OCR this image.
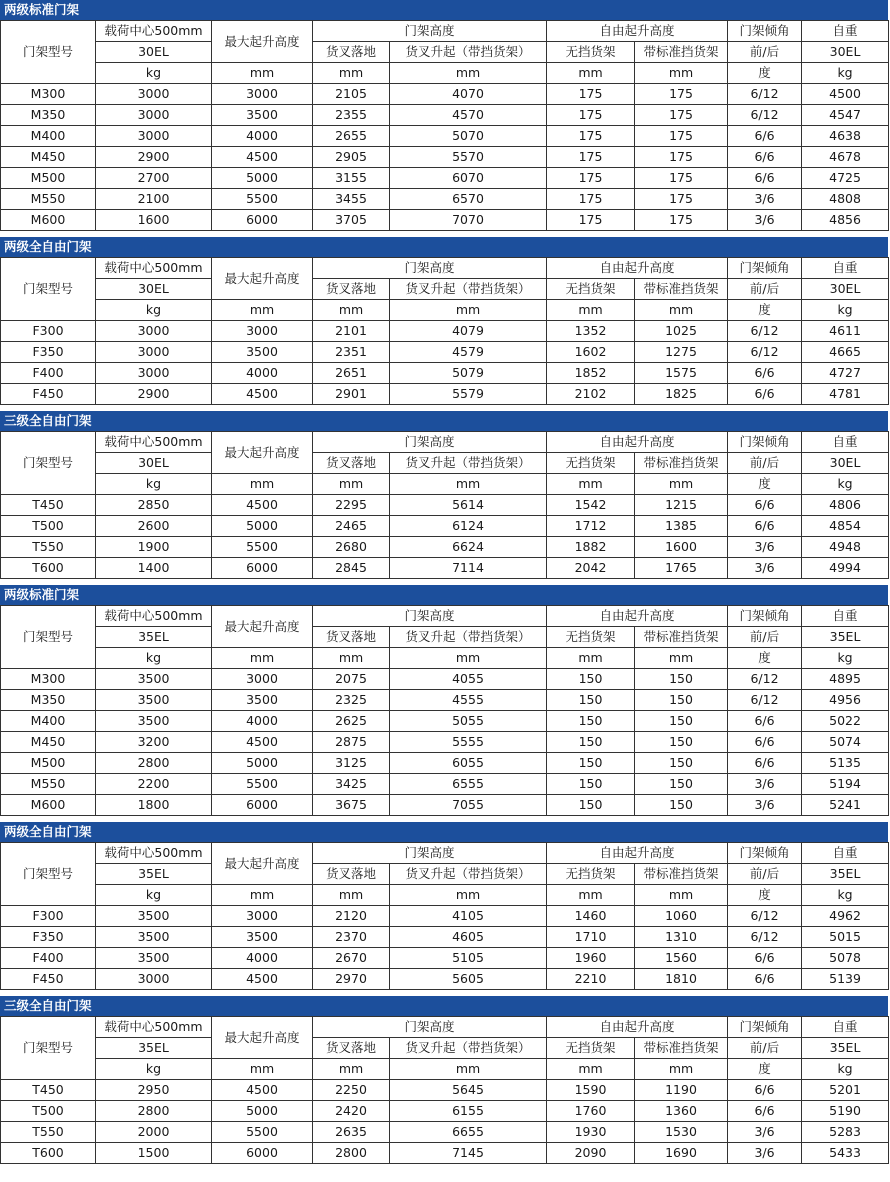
两级标准门架
门架型号	载荷中心500mm	最大起升高度	门架高度		自由起升高度		门架倾角	自重
	30EL		货叉落地	货叉升起（带挡货架）	无挡货架	带标准挡货架	前/后	30EL
	kg	mm	mm	mm	mm	mm	度	kg
M300	3000	3000	2105	4070	175	175	6/12	4500
M350	3000	3500	2355	4570	175	175	6/12	4547
M400	3000	4000	2655	5070	175	175	6/6	4638
M450	2900	4500	2905	5570	175	175	6/6	4678
M500	2700	5000	3155	6070	175	175	6/6	4725
M550	2100	5500	3455	6570	175	175	3/6	4808
M600	1600	6000	3705	7070	175	175	3/6	4856
两级全自由门架
门架型号	载荷中心500mm	最大起升高度	门架高度		自由起升高度		门架倾角	自重
	30EL		货叉落地	货叉升起（带挡货架）	无挡货架	带标准挡货架	前/后	30EL
	kg	mm	mm	mm	mm	mm	度	kg
F300	3000	3000	2101	4079	1352	1025	6/12	4611
F350	3000	3500	2351	4579	1602	1275	6/12	4665
F400	3000	4000	2651	5079	1852	1575	6/6	4727
F450	2900	4500	2901	5579	2102	1825	6/6	4781
三级全自由门架
门架型号	载荷中心500mm	最大起升高度	门架高度		自由起升高度		门架倾角	自重
	30EL		货叉落地	货叉升起（带挡货架）	无挡货架	带标准挡货架	前/后	30EL
	kg	mm	mm	mm	mm	mm	度	kg
T450	2850	4500	2295	5614	1542	1215	6/6	4806
T500	2600	5000	2465	6124	1712	1385	6/6	4854
T550	1900	5500	2680	6624	1882	1600	3/6	4948
T600	1400	6000	2845	7114	2042	1765	3/6	4994
两级标准门架
门架型号	载荷中心500mm	最大起升高度	门架高度		自由起升高度		门架倾角	自重
	35EL		货叉落地	货叉升起（带挡货架）	无挡货架	带标准挡货架	前/后	35EL
	kg	mm	mm	mm	mm	mm	度	kg
M300	3500	3000	2075	4055	150	150	6/12	4895
M350	3500	3500	2325	4555	150	150	6/12	4956
M400	3500	4000	2625	5055	150	150	6/6	5022
M450	3200	4500	2875	5555	150	150	6/6	5074
M500	2800	5000	3125	6055	150	150	6/6	5135
M550	2200	5500	3425	6555	150	150	3/6	5194
M600	1800	6000	3675	7055	150	150	3/6	5241
两级全自由门架
门架型号	载荷中心500mm	最大起升高度	门架高度		自由起升高度		门架倾角	自重
	35EL		货叉落地	货叉升起（带挡货架）	无挡货架	带标准挡货架	前/后	35EL
	kg	mm	mm	mm	mm	mm	度	kg
F300	3500	3000	2120	4105	1460	1060	6/12	4962
F350	3500	3500	2370	4605	1710	1310	6/12	5015
F400	3500	4000	2670	5105	1960	1560	6/6	5078
F450	3000	4500	2970	5605	2210	1810	6/6	5139
三级全自由门架
门架型号	载荷中心500mm	最大起升高度	门架高度		自由起升高度		门架倾角	自重
	35EL		货叉落地	货叉升起（带挡货架）	无挡货架	带标准挡货架	前/后	35EL
	kg	mm	mm	mm	mm	mm	度	kg
T450	2950	4500	2250	5645	1590	1190	6/6	5201
T500	2800	5000	2420	6155	1760	1360	6/6	5190
T550	2000	5500	2635	6655	1930	1530	3/6	5283
T600	1500	6000	2800	7145	2090	1690	3/6	5433
